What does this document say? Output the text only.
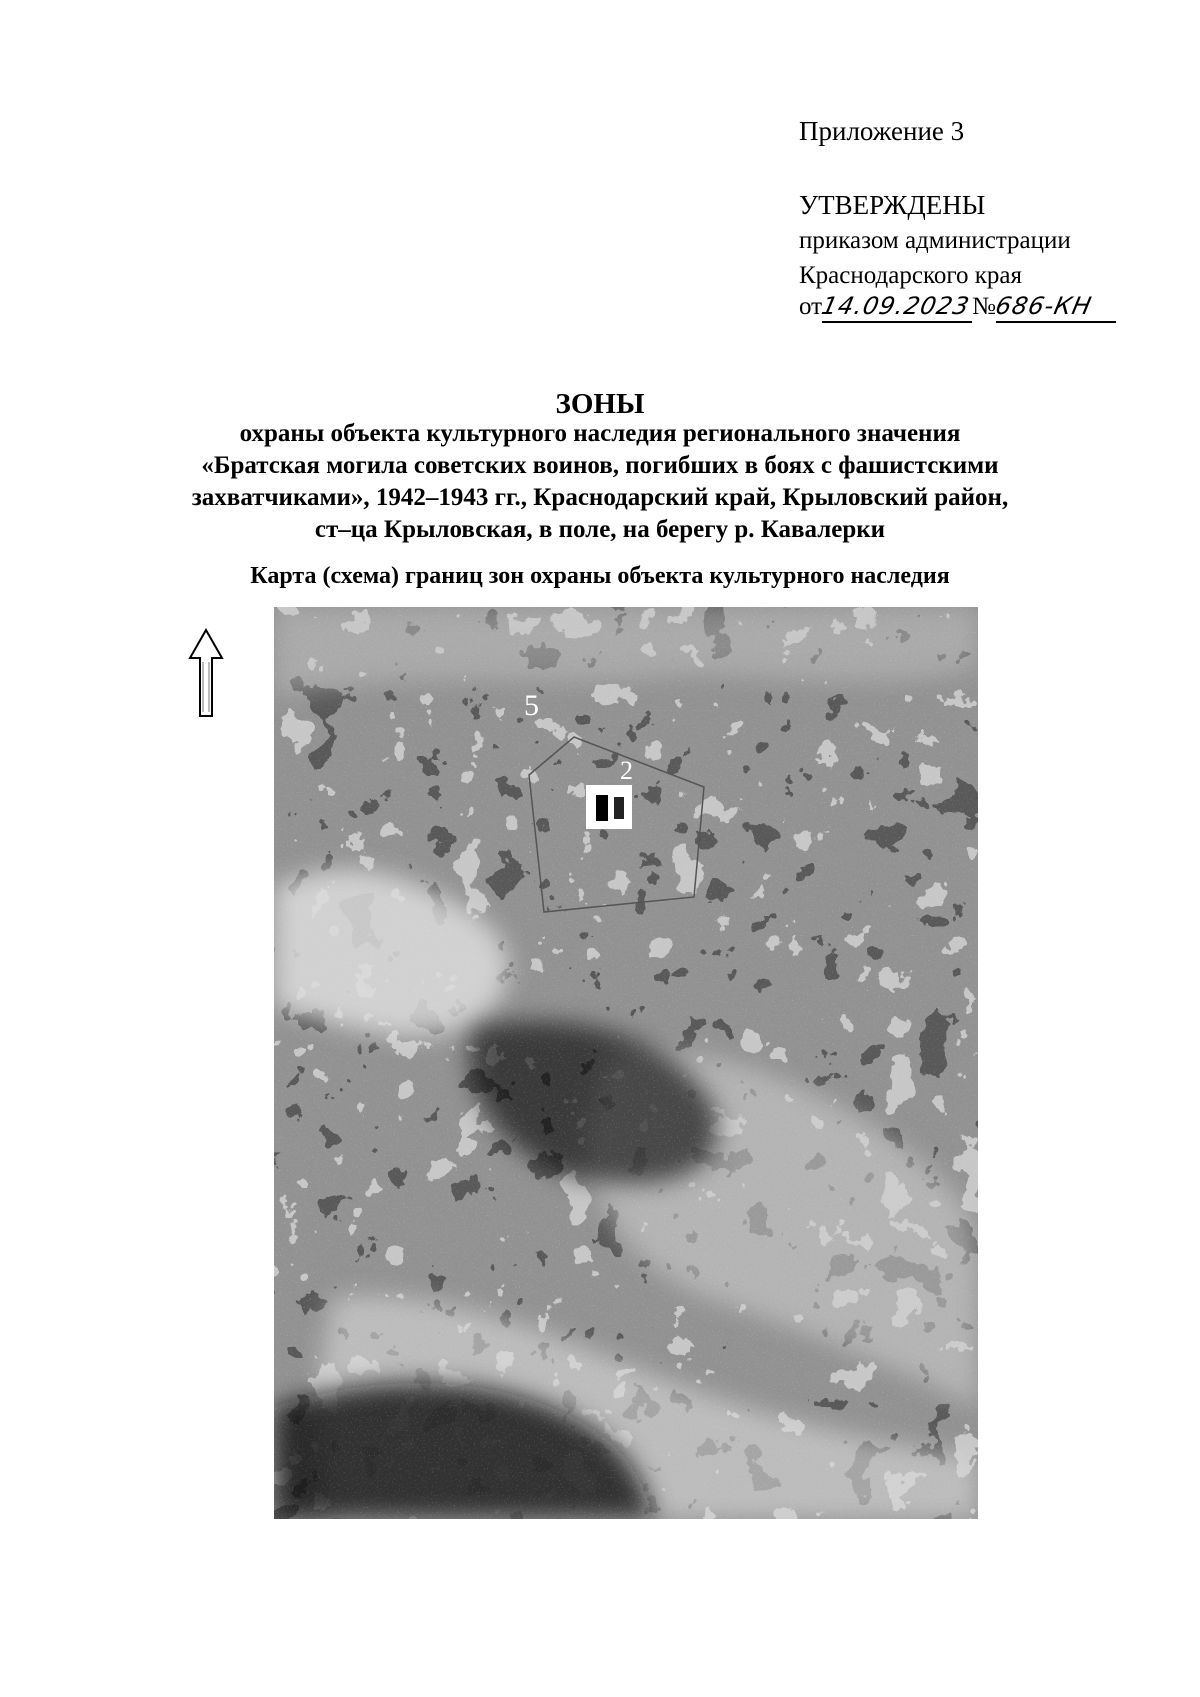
Приложение 3
УТВЕРЖДЕНЫ
приказом администрации
Краснодарского края
от14.09.2023№686-КН
ЗОНЫ
охраны объекта культурного наследия регионального значения
«Братская могила советских воинов, погибших в боях с фашистскими
захватчиками», 1942–1943 гг., Краснодарский край, Крыловский район,
ст–ца Крыловская, в поле, на берегу р. Кавалерки
Карта (схема) границ зон охраны объекта культурного наследия
5
2
